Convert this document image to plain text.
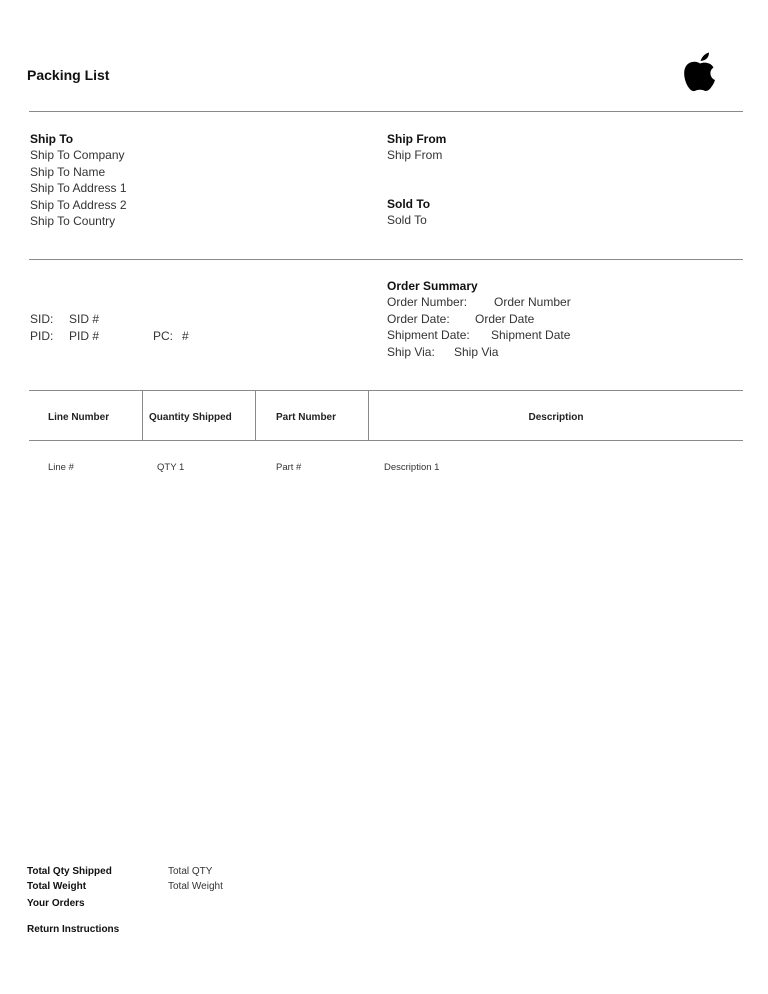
Packing List
Ship To
Ship To Company
Ship To Name
Ship To Address 1
Ship To Address 2
Ship To Country
Ship From
Ship From
Sold To
Sold To
SID: SID #
PID: PID #	PC: #
Order Summary
Order Number: Order Number
Order Date: Order Date
Shipment Date: Shipment Date
Ship Via: Ship Via
Line Number	Quantity Shipped	Part Number	Description
Line #	QTY 1	Part #	Description 1
Total Qty Shipped	Total QTY
Total Weight	Total Weight
Your Orders
Return Instructions
